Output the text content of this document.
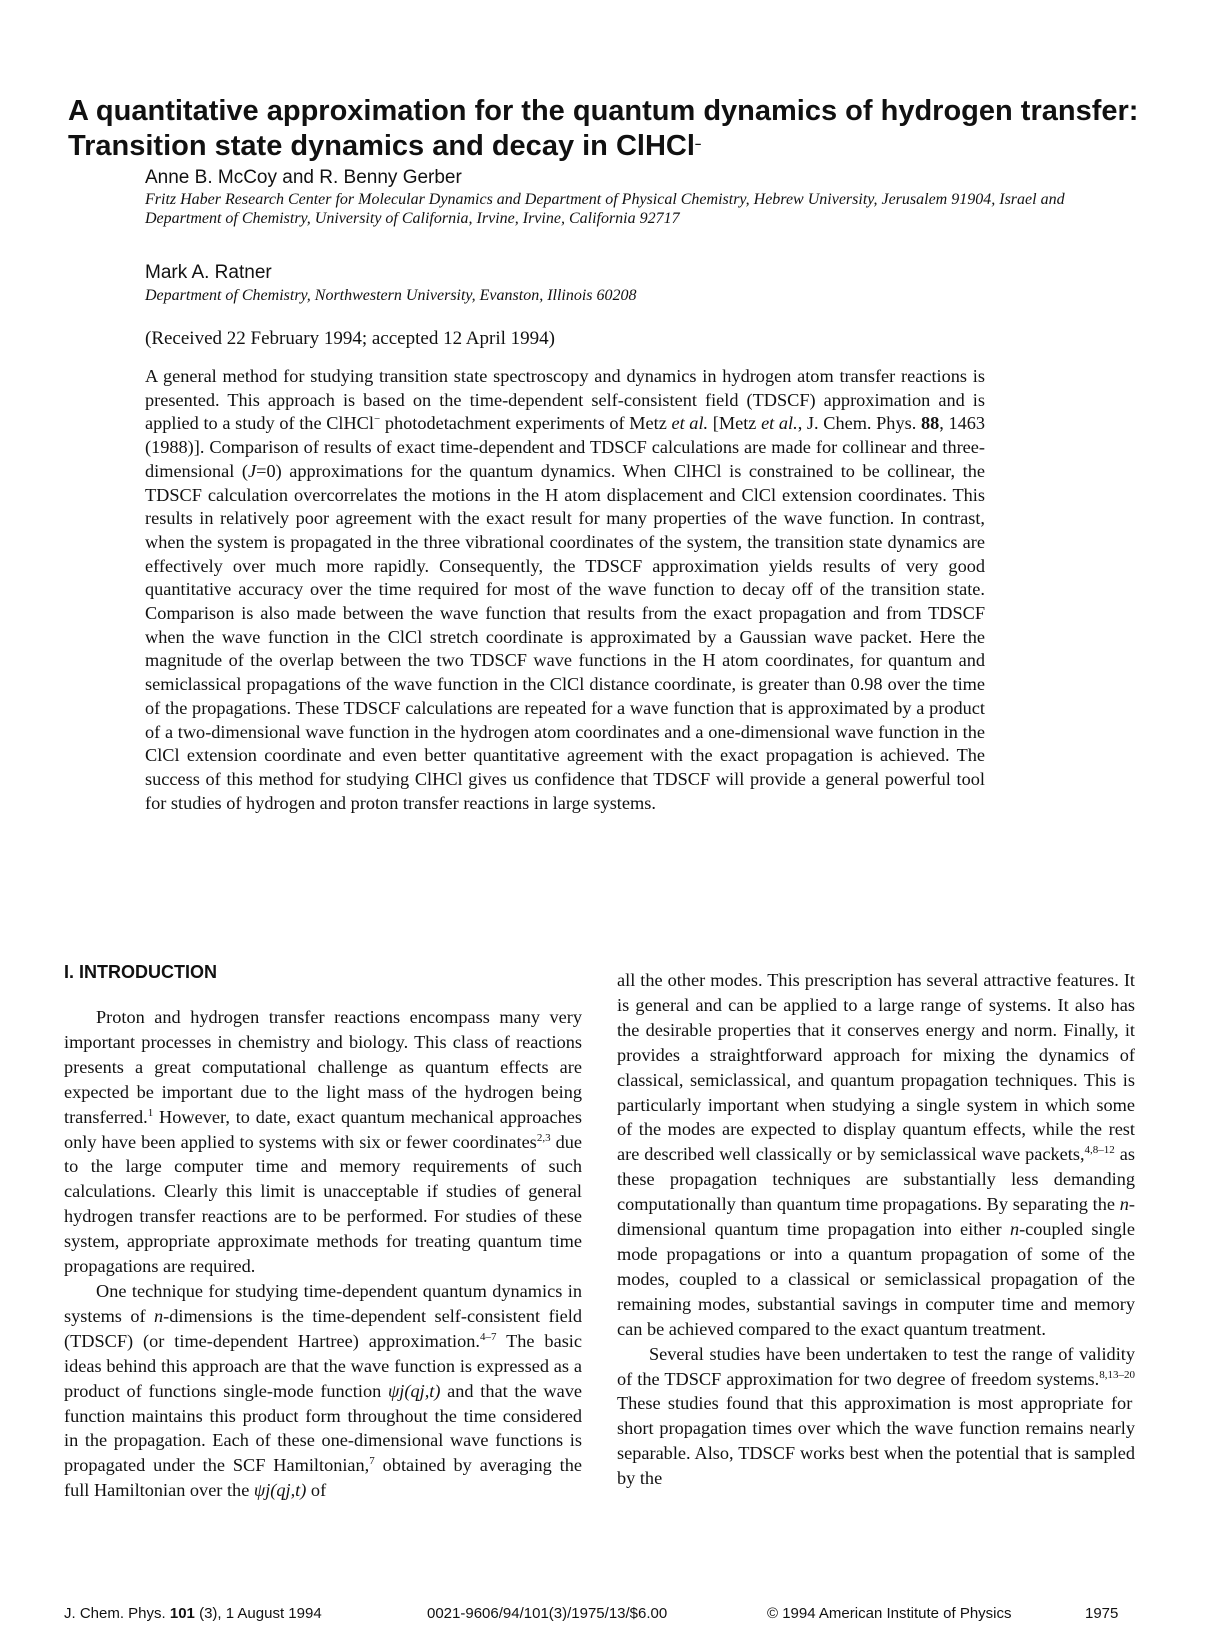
A quantitative approximation for the quantum dynamics of hydrogen transfer: Transition state dynamics and decay in ClHCl−
Anne B. McCoy and R. Benny Gerber
Fritz Haber Research Center for Molecular Dynamics and Department of Physical Chemistry, Hebrew University, Jerusalem 91904, Israel and Department of Chemistry, University of California, Irvine, Irvine, California 92717
Mark A. Ratner
Department of Chemistry, Northwestern University, Evanston, Illinois 60208
(Received 22 February 1994; accepted 12 April 1994)

A general method for studying transition state spectroscopy and dynamics in hydrogen atom transfer reactions is presented. This approach is based on the time-dependent self-consistent field (TDSCF) approximation and is applied to a study of the ClHCl− photodetachment experiments of Metz et al. [Metz et al., J. Chem. Phys. 88, 1463 (1988)]. Comparison of results of exact time-dependent and TDSCF calculations are made for collinear and three-dimensional (J=0) approximations for the quantum dynamics. When ClHCl is constrained to be collinear, the TDSCF calculation overcorrelates the motions in the H atom displacement and ClCl extension coordinates. This results in relatively poor agreement with the exact result for many properties of the wave function. In contrast, when the system is propagated in the three vibrational coordinates of the system, the transition state dynamics are effectively over much more rapidly. Consequently, the TDSCF approximation yields results of very good quantitative accuracy over the time required for most of the wave function to decay off of the transition state. Comparison is also made between the wave function that results from the exact propagation and from TDSCF when the wave function in the ClCl stretch coordinate is approximated by a Gaussian wave packet. Here the magnitude of the overlap between the two TDSCF wave functions in the H atom coordinates, for quantum and semiclassical propagations of the wave function in the ClCl distance coordinate, is greater than 0.98 over the time of the propagations. These TDSCF calculations are repeated for a wave function that is approximated by a product of a two-dimensional wave function in the hydrogen atom coordinates and a one-dimensional wave function in the ClCl extension coordinate and even better quantitative agreement with the exact propagation is achieved. The success of this method for studying ClHCl gives us confidence that TDSCF will provide a general powerful tool for studies of hydrogen and proton transfer reactions in large systems.

I. INTRODUCTION

Proton and hydrogen transfer reactions encompass many very important processes in chemistry and biology. This class of reactions presents a great computational challenge as quantum effects are expected be important due to the light mass of the hydrogen being transferred.$^1$ However, to date, exact quantum mechanical approaches only have been applied to systems with six or fewer coordinates$^{2,3}$ due to the large computer time and memory requirements of such calculations. Clearly this limit is unacceptable if studies of general hydrogen transfer reactions are to be performed. For studies of these system, appropriate approximate methods for treating quantum time propagations are required.

One technique for studying time-dependent quantum dynamics in systems of n-dimensions is the time-dependent self-consistent field (TDSCF) (or time-dependent Hartree) approximation.$^{4-7}$ The basic ideas behind this approach are that the wave function is expressed as a product of functions single-mode function ψj(qj,t) and that the wave function maintains this product form throughout the time considered in the propagation. Each of these one-dimensional wave functions is propagated under the SCF Hamiltonian,$^7$ obtained by averaging the full Hamiltonian over the ψj(qj,t) of

all the other modes. This prescription has several attractive features. It is general and can be applied to a large range of systems. It also has the desirable properties that it conserves energy and norm. Finally, it provides a straightforward approach for mixing the dynamics of classical, semiclassical, and quantum propagation techniques. This is particularly important when studying a single system in which some of the modes are expected to display quantum effects, while the rest are described well classically or by semiclassical wave packets,$^{4,8-12}$ as these propagation techniques are substantially less demanding computationally than quantum time propagations. By separating the n-dimensional quantum time propagation into either n-coupled single mode propagations or into a quantum propagation of some of the modes, coupled to a classical or semiclassical propagation of the remaining modes, substantial savings in computer time and memory can be achieved compared to the exact quantum treatment.

Several studies have been undertaken to test the range of validity of the TDSCF approximation for two degree of freedom systems.$^{8,13-20}$ These studies found that this approximation is most appropriate for short propagation times over which the wave function remains nearly separable. Also, TDSCF works best when the potential that is sampled by the

J. Chem. Phys. 101 (3), 1 August 1994	0021-9606/94/101(3)/1975/13/$6.00	© 1994 American Institute of Physics	1975
